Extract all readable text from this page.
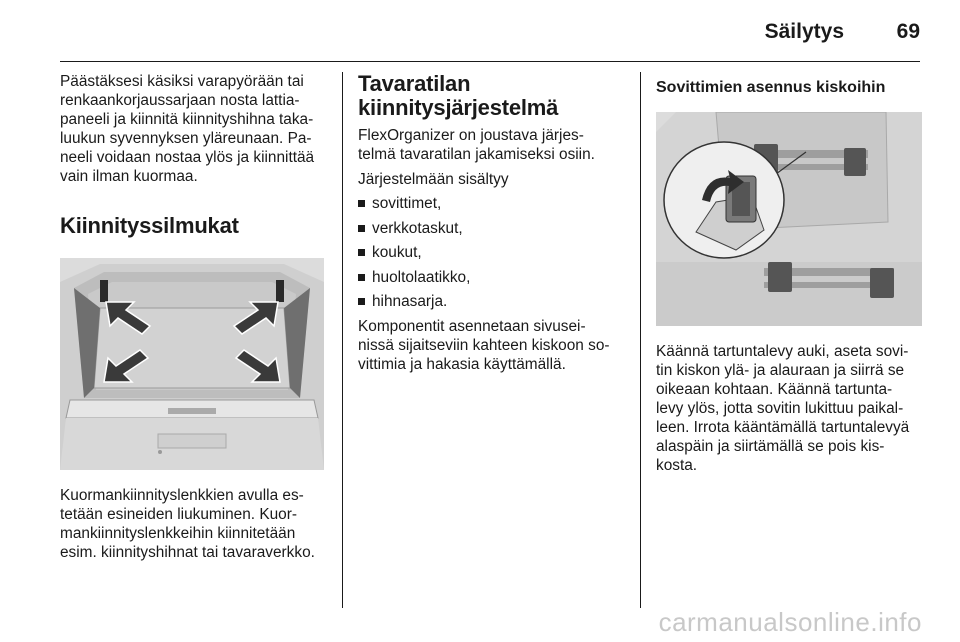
Säilytys	69

Päästäksesi käsiksi varapyörään tai
renkaankorjaussarjaan nosta lattia-
paneeli ja kiinnitä kiinnityshihna taka-
luukun syvennyksen yläreunaan. Pa-
neeli voidaan nostaa ylös ja kiinnittää
vain ilman kuormaa.

Kiinnityssilmukat

Kuormankiinnityslenkkien avulla es-
tetään esineiden liukuminen. Kuor-
mankiinnityslenkkeihin kiinnitetään
esim. kiinnityshihnat tai tavaraverkko.

Tavaratilan
kiinnitysjärjestelmä

FlexOrganizer on joustava järjes-
telmä tavaratilan jakamiseksi osiin.

Järjestelmään sisältyy

sovittimet,
verkkotaskut,
koukut,
huoltolaatikko,
hihnasarja.

Komponentit asennetaan sivusei-
nissä sijaitseviin kahteen kiskoon so-
vittimia ja hakasia käyttämällä.

Sovittimien asennus kiskoihin

Käännä tartuntalevy auki, aseta sovi-
tin kiskon ylä- ja alauraan ja siirrä se
oikeaan kohtaan. Käännä tartunta-
levy ylös, jotta sovitin lukittuu paikal-
leen. Irrota kääntämällä tartuntalevyä
alaspäin ja siirtämällä se pois kis-
kosta.

carmanualsonline.info
